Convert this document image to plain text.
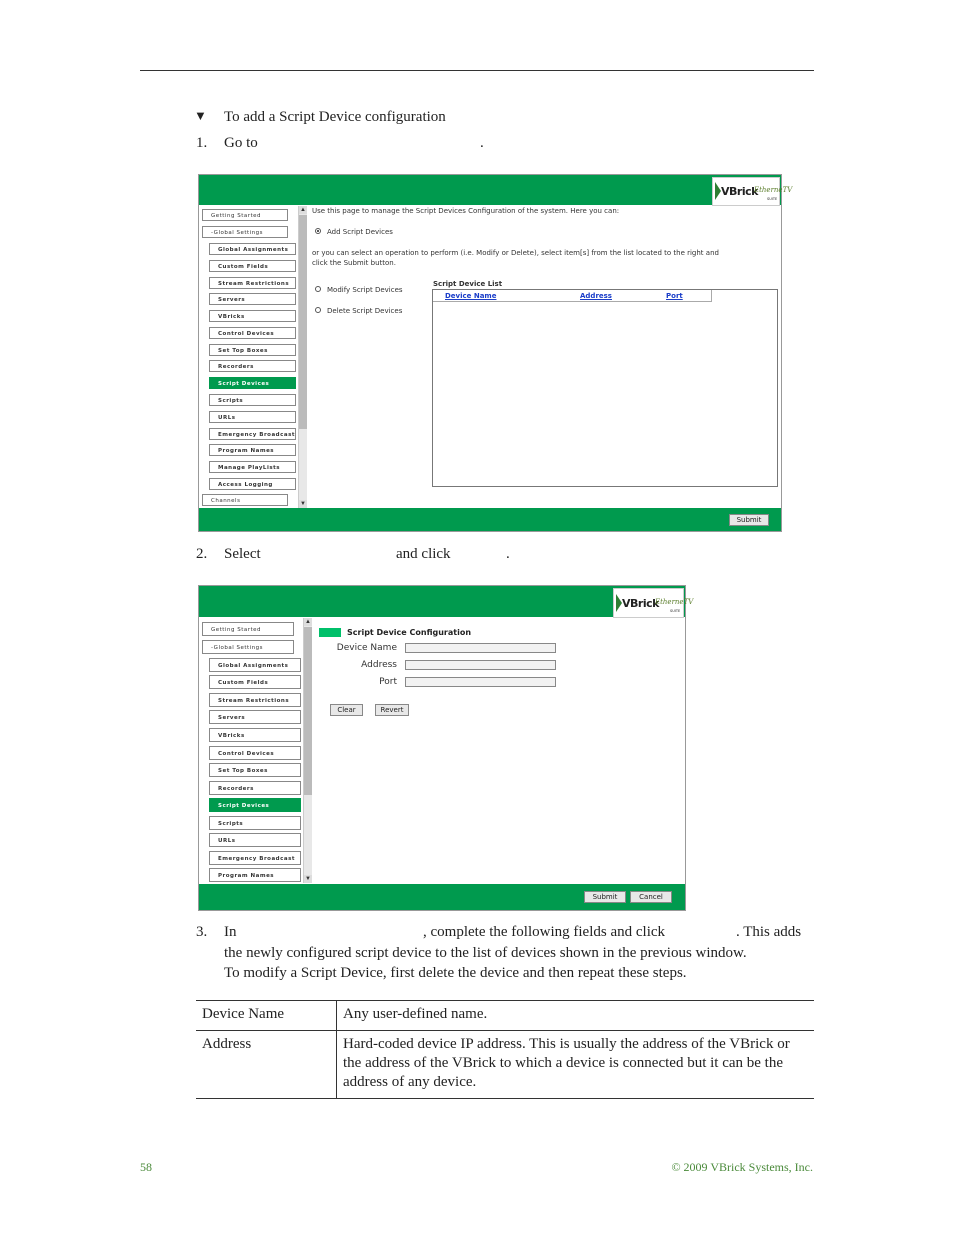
▼ To add a Script Device configuration
1. Go to	.
VBrick
EtherneTV
SUITE
Getting Started
-Global Settings
Global Assignments
Custom Fields
Stream Restrictions
Servers
VBricks
Control Devices
Set Top Boxes
Recorders
Script Devices
Scripts
URLs
Emergency Broadcast
Program Names
Manage PlayLists
Access Logging
Channels
▲
▼
Use this page to manage the Script Devices Configuration of the system. Here you can:
Add Script Devices
or you can select an operation to perform (i.e. Modify or Delete), select item[s] from the list located to the right and
click the Submit button.
Modify Script Devices
Delete Script Devices
Script Device List
Device Name	Address	Port
Submit
2. Select	and click	.
VBrick
EtherneTV
SUITE
Getting Started
-Global Settings
Global Assignments
Custom Fields
Stream Restrictions
Servers
VBricks
Control Devices
Set Top Boxes
Recorders
Script Devices
Scripts
URLs
Emergency Broadcast
Program Names
▲
▼
Script Device Configuration
Device Name
Address
Port
Clear	Revert
Submit	Cancel
3. In	, complete the following fields and click	. This adds
the newly configured script device to the list of devices shown in the previous window.
To modify a Script Device, first delete the device and then repeat these steps.
Device Name	Any user-defined name.
Address	Hard-coded device IP address. This is usually the address of the VBrick or the address of the VBrick to which a device is connected but it can be the address of any device.
58	© 2009 VBrick Systems, Inc.
